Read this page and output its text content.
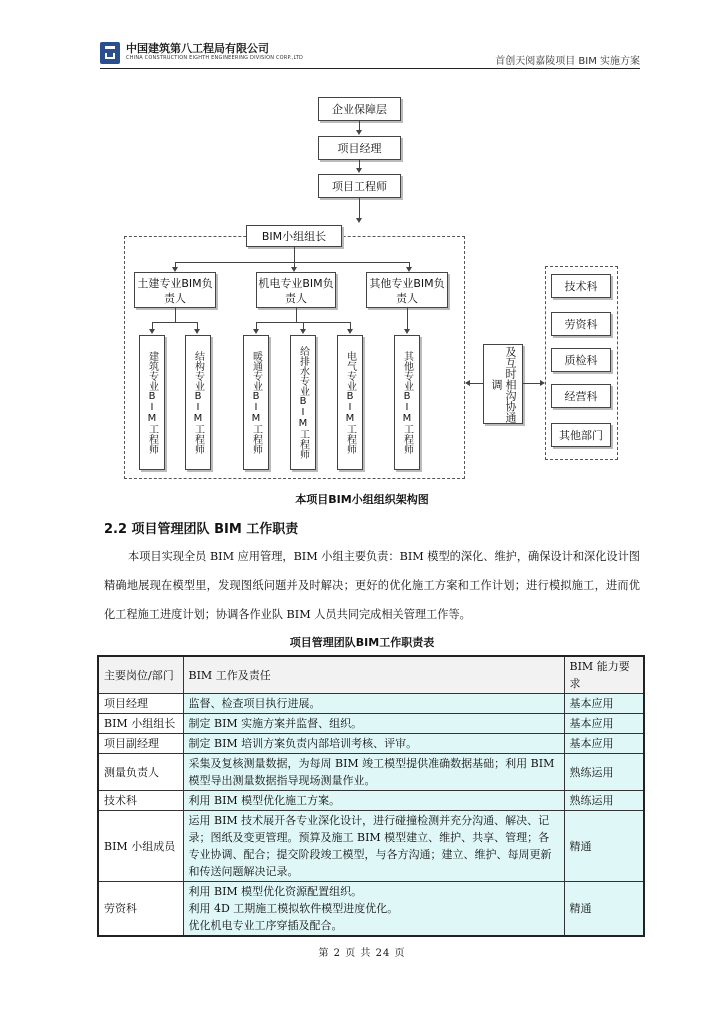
中国建筑第八工程局有限公司
CHINA CONSTRUCTION EIGHTH ENGINEERING DIVISION CORP.,LTD	首创天阅嘉陵项目 BIM 实施方案
企业保障层
项目经理
项目工程师
BIM小组组长
土建专业BIM负责人
机电专业BIM负责人
其他专业BIM负责人
建筑专业BIM工程师	结构专业BIM工程师	暖通专业BIM工程师	给排水专业BIM工程师	电气专业BIM工程师	其他专业BIM工程师	及互时相沟协通调
技术科
劳资科
质检科
经营科
其他部门
本项目BIM小组组织架构图
2.2 项目管理团队 BIM 工作职责
本项目实现全员 BIM 应用管理，BIM 小组主要负责：BIM 模型的深化、维护，确保设计和深化设计图精确地展现在模型里，发现图纸问题并及时解决；更好的优化施工方案和工作计划；进行模拟施工，进而优化工程施工进度计划；协调各作业队 BIM 人员共同完成相关管理工作等。
项目管理团队BIM工作职责表
主要岗位/部门	BIM 工作及责任	BIM 能力要求
项目经理	监督、检查项目执行进展。	基本应用
BIM 小组组长	制定 BIM 实施方案并监督、组织。	基本应用
项目副经理	制定 BIM 培训方案负责内部培训考核、评审。	基本应用
测量负责人	采集及复核测量数据，为每周 BIM 竣工模型提供准确数据基础；利用 BIM 模型导出测量数据指导现场测量作业。	熟练运用
技术科	利用 BIM 模型优化施工方案。	熟练运用
BIM 小组成员	运用 BIM 技术展开各专业深化设计，进行碰撞检测并充分沟通、解决、记录；图纸及变更管理。预算及施工 BIM 模型建立、维护、共享、管理；各专业协调、配合；提交阶段竣工模型，与各方沟通；建立、维护、每周更新和传送问题解决记录。	精通
劳资科	利用 BIM 模型优化资源配置组织。
利用 4D 工期施工模拟软件模型进度优化。
优化机电专业工序穿插及配合。	精通
第 2 页 共 24 页
